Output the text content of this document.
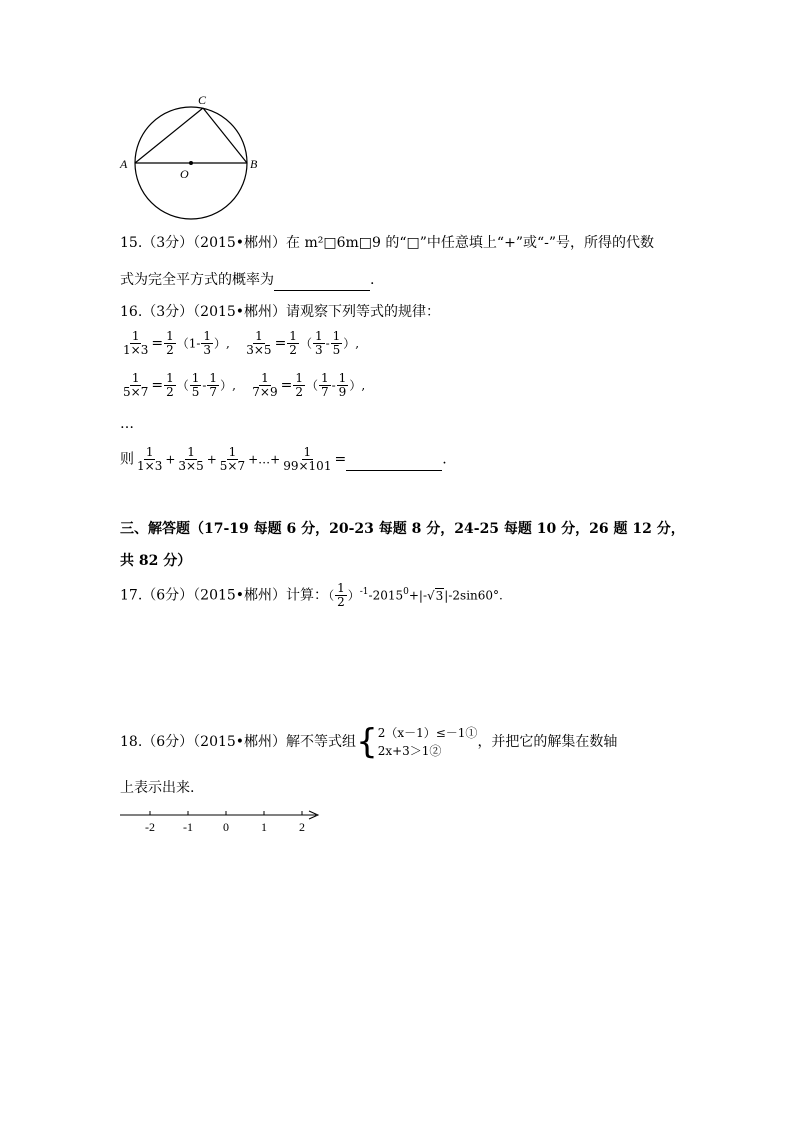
A	B
C
O
15.（3分）（2015•郴州）在 m²□6m□9 的“□”中任意填上“+”或“-”号，所得的代数
式为完全平方式的概率为	.
16.（3分）（2015•郴州）请观察下列等式的规律：
$\frac{1}{1\times 3} = \frac{1}{2} (1- \frac{1}{3}$ ）, $\frac{1}{3\times 5} = \frac{1}{2}$ （ $\frac{1}{3} - \frac{1}{5}$ ）,
$\frac{1}{5\times 7} = \frac{1}{2}$ （ $\frac{1}{5} - \frac{1}{7}$ ）, $\frac{1}{7\times 9} = \frac{1}{2}$ （ $\frac{1}{7} - \frac{1}{9}$ ）,
…
则 $\frac{1}{1\times 3} + \frac{1}{3\times 5} + \frac{1}{5\times 7}$ +…+ $\frac{1}{99\times 101}$ =	.
三、解答题（17-19 每题 6 分，20-23 每题 8 分，24-25 每题 10 分，26 题 12 分，
共 82 分）
17.（6分）（2015•郴州）计算：（ $\frac{1}{2} )^{-1}-2015^0+|-√3|-2\sin 60^\circ$.
18.（6分）（2015•郴州）解不等式组{ 2（x－1）≤－1①
2x+3＞1②
，并把它的解集在数轴
上表示出来.
-2 -1	0	1	2
